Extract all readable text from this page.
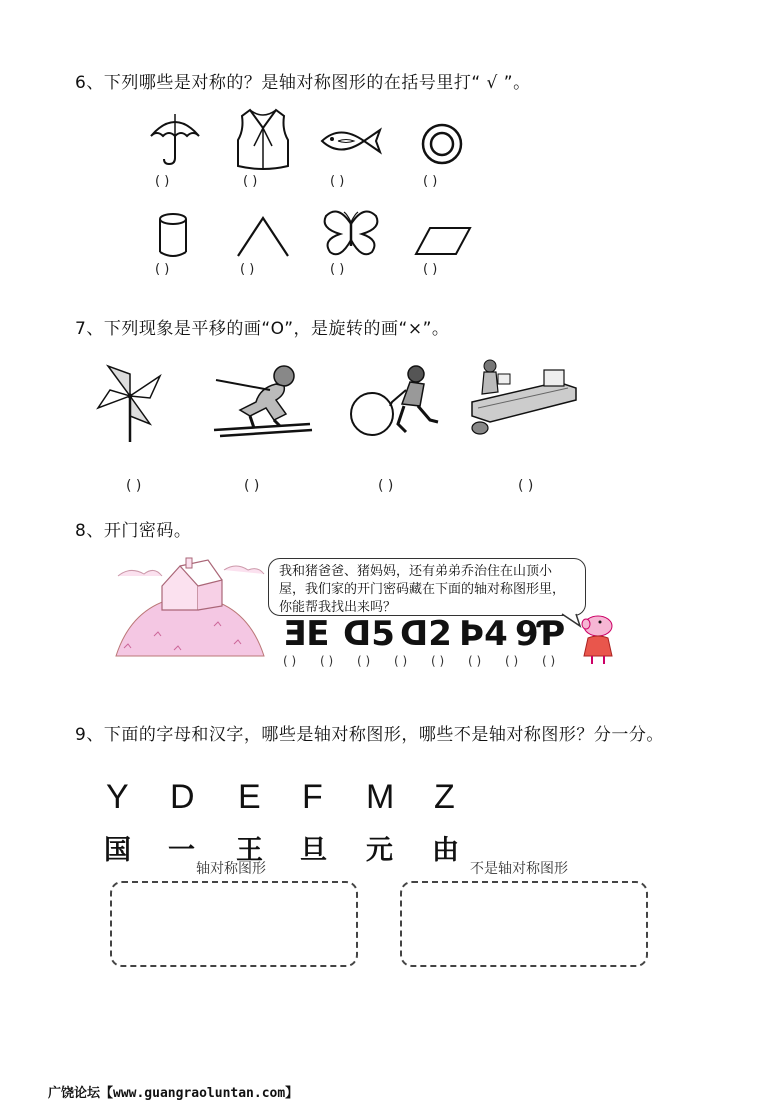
6、下列哪些是对称的？是轴对称图形的在括号里打“ √ ”。
( )	( )	( )	( )
( )	( )	( )	( )
7、下列现象是平移的画“O”，是旋转的画“×”。
( )	( )	( )	( )
8、开门密码。
我和猪爸爸、猪妈妈，还有弟弟乔治住在山顶小屋，我们家的开门密码藏在下面的轴对称图形里，你能帮我找出来吗？
ƎE ꓷ5 ꓷ2 Ϸ4 9Ƥ
( ) ( ) ( ) ( ) ( ) ( ) ( ) ( )
9、下面的字母和汉字，哪些是轴对称图形，哪些不是轴对称图形？分一分。
Y D E F M Z
国 一 王 旦 元 由
轴对称图形	不是轴对称图形
广饶论坛【www.guangraoluntan.com】
